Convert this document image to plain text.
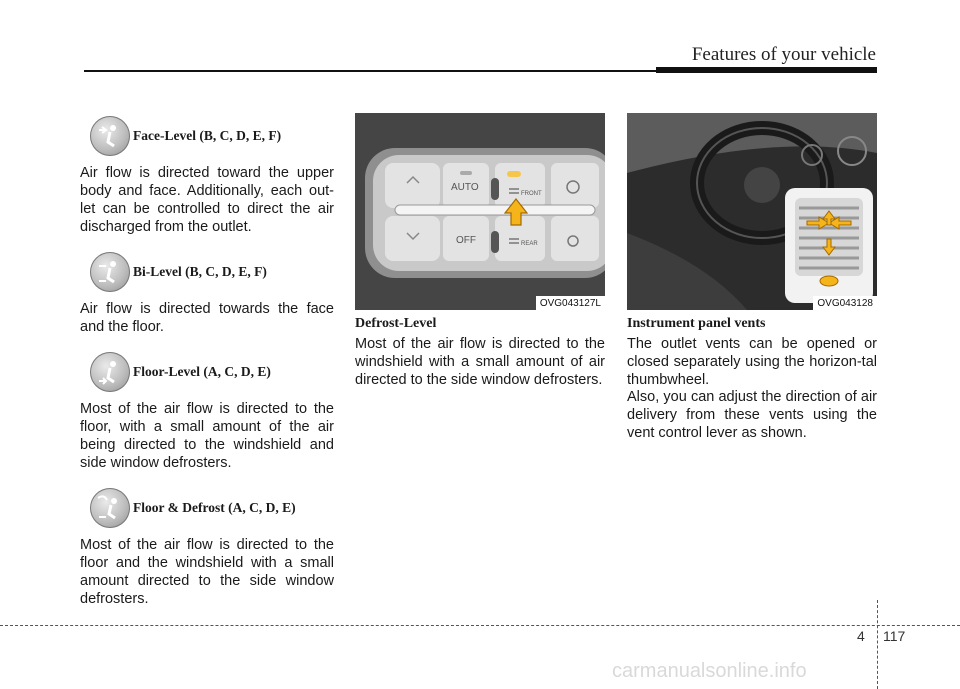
Features of your vehicle
Face-Level (B, C, D, E, F)

Air flow is directed toward the upper body and face. Additionally, each out-let can be controlled to direct the air discharged from the outlet.

Bi-Level (B, C, D, E, F)

Air flow is directed towards the face and the floor.

Floor-Level (A, C, D, E)

Most of the air flow is directed to the floor, with a small amount of the air being directed to the windshield and side window defrosters.

Floor & Defrost (A, C, D, E)

Most of the air flow is directed to the floor and the windshield with a small amount directed to the side window defrosters.

AUTO
OFF
FRONT
REAR
OVG043127L
Defrost-Level

Most of the air flow is directed to the windshield with a small amount of air directed to the side window defrosters.

OVG043128
Instrument panel vents

The outlet vents can be opened or closed separately using the horizon-tal thumbwheel.

Also, you can adjust the direction of air delivery from these vents using the vent control lever as shown.

4 117
carmanualsonline.info
